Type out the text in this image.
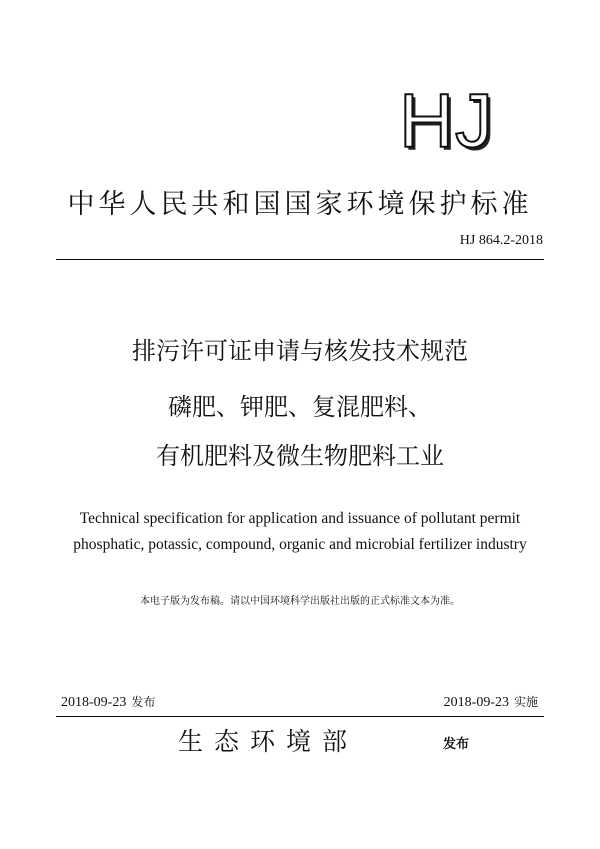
HJ
中华人民共和国国家环境保护标准
HJ 864.2-2018
排污许可证申请与核发技术规范
磷肥、钾肥、复混肥料、
有机肥料及微生物肥料工业
Technical specification for application and issuance of pollutant permit
phosphatic, potassic, compound, organic and microbial fertilizer industry
本电子版为发布稿。请以中国环境科学出版社出版的正式标准文本为准。
2018-09-23 发布	2018-09-23 实施
生态环境部	发布
